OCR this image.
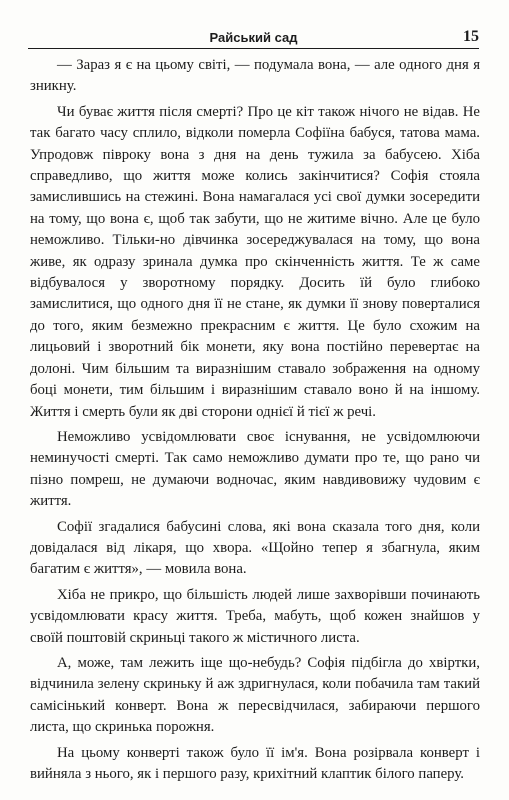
Райський сад	15

— Зараз я є на цьому світі, — подумала вона, — але одного дня я зникну.

Чи буває життя після смерті? Про це кіт також нічого не відав. Не так багато часу сплило, відколи померла Софіїна бабуся, татова мама. Упродовж півроку вона з дня на день тужила за бабусею. Хіба справедливо, що життя може колись закінчитися? Софія стояла замислившись на стежині. Вона намагалася усі свої думки зосередити на тому, що вона є, щоб так забути, що не житиме вічно. Але це було неможливо. Тільки-но дівчинка зосереджувалася на тому, що вона живе, як одразу зринала думка про скінченність життя. Те ж саме відбувалося у зворотному порядку. Досить їй було глибоко замислитися, що одного дня її не стане, як думки її знову поверталися до того, яким безмежно прекрасним є життя. Це було схожим на лицьовий і зворотний бік монети, яку вона постійно перевертає на долоні. Чим більшим та виразнішим ставало зображення на одному боці монети, тим більшим і виразнішим ставало воно й на іншому. Життя і смерть були як дві сторони однієї й тієї ж речі.

Неможливо усвідомлювати своє існування, не усвідомлюючи неминучості смерті. Так само неможливо думати про те, що рано чи пізно помреш, не думаючи водночас, яким навдивовижу чудовим є життя.

Софії згадалися бабусині слова, які вона сказала того дня, коли довідалася від лікаря, що хвора. «Щойно тепер я збагнула, яким багатим є життя», — мовила вона.

Хіба не прикро, що більшість людей лише захворівши починають усвідомлювати красу життя. Треба, мабуть, щоб кожен знайшов у своїй поштовій скриньці такого ж містичного листа.

А, може, там лежить іще що-небудь? Софія підбігла до хвіртки, відчинила зелену скриньку й аж здригнулася, коли побачила там такий самісінький конверт. Вона ж пересвідчилася, забираючи першого листа, що скринька порожня.

На цьому конверті також було її ім'я. Вона розірвала конверт і вийняла з нього, як і першого разу, крихітний клаптик білого паперу.
